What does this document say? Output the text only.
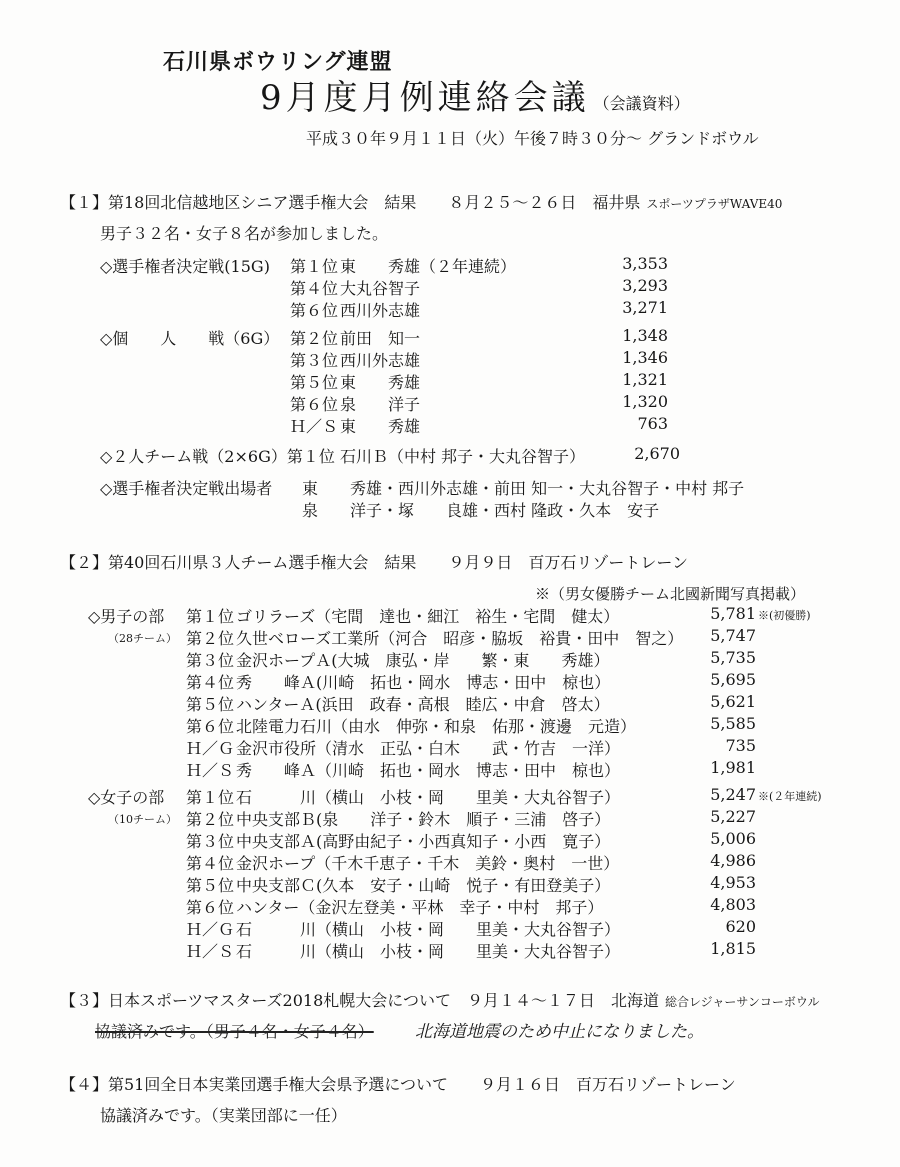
石川県ボウリング連盟
9月度月例連絡会議 （会議資料）
平成３０年９月１１日（火）午後７時３０分～ グランドボウル
【１】第18回北信越地区シニア選手権大会　結果　　８月２５～２６日　福井県 スポーツプラザWAVE40
男子３２名・女子８名が参加しました。
◇選手権者決定戦(15G) 第１位 東　　秀雄（２年連続）	3,353
第４位 大丸谷智子	3,293
第６位 西川外志雄	3,271
◇個　　人　　戦（6G） 第２位 前田　知一	1,348
第３位 西川外志雄	1,346
第５位 東　　秀雄	1,321
第６位 泉　　洋子	1,320
Ｈ／Ｓ 東　　秀雄	763
◇２人チーム戦（2×6G）第１位 石川Ｂ（中村 邦子・大丸谷智子）	2,670
◇選手権者決定戦出場者 東　　秀雄・西川外志雄・前田 知一・大丸谷智子・中村 邦子
泉　　洋子・塚　　良雄・西村 隆政・久本　安子
【２】第40回石川県３人チーム選手権大会　結果　　９月９日　百万石リゾートレーン
※（男女優勝チーム北國新聞写真掲載）
◇男子の部
（28チーム）
第１位 ゴリラーズ（宅間　達也・細江　裕生・宅間　健太）	5,781 ※(初優勝)
第２位 久世ベローズ工業所（河合　昭彦・脇坂　裕貴・田中　智之）	5,747
第３位 金沢ホープＡ(大城　康弘・岸　　繁・東　　秀雄）	5,735
第４位 秀　　峰Ａ(川崎　拓也・岡水　博志・田中　椋也）	5,695
第５位 ハンターＡ(浜田　政春・高根　睦広・中倉　啓太）	5,621
第６位 北陸電力石川（由水　伸弥・和泉　佑那・渡邊　元造）	5,585
Ｈ／Ｇ 金沢市役所（清水　正弘・白木　　武・竹吉　一洋）	735
Ｈ／Ｓ 秀　　峰Ａ（川崎　拓也・岡水　博志・田中　椋也）	1,981
◇女子の部
（10チーム）
第１位 石　　　川（横山　小枝・岡　　里美・大丸谷智子）	5,247 ※(２年連続)
第２位 中央支部Ｂ(泉　　洋子・鈴木　順子・三浦　啓子）	5,227
第３位 中央支部Ａ(高野由紀子・小西真知子・小西　寛子）	5,006
第４位 金沢ホープ（千木千恵子・千木　美鈴・奥村　一世）	4,986
第５位 中央支部Ｃ(久本　安子・山崎　悦子・有田登美子）	4,953
第６位 ハンター（金沢左登美・平林　幸子・中村　邦子）	4,803
Ｈ／Ｇ 石　　　川（横山　小枝・岡　　里美・大丸谷智子）	620
Ｈ／Ｓ 石　　　川（横山　小枝・岡　　里美・大丸谷智子）	1,815
【３】日本スポーツマスターズ2018札幌大会について　９月１４～１７日　北海道 総合レジャーサンコーボウル
協議済みです。（男子４名・女子４名） 北海道地震のため中止になりました。
【４】第51回全日本実業団選手権大会県予選について　　９月１６日　百万石リゾートレーン
協議済みです。（実業団部に一任）
